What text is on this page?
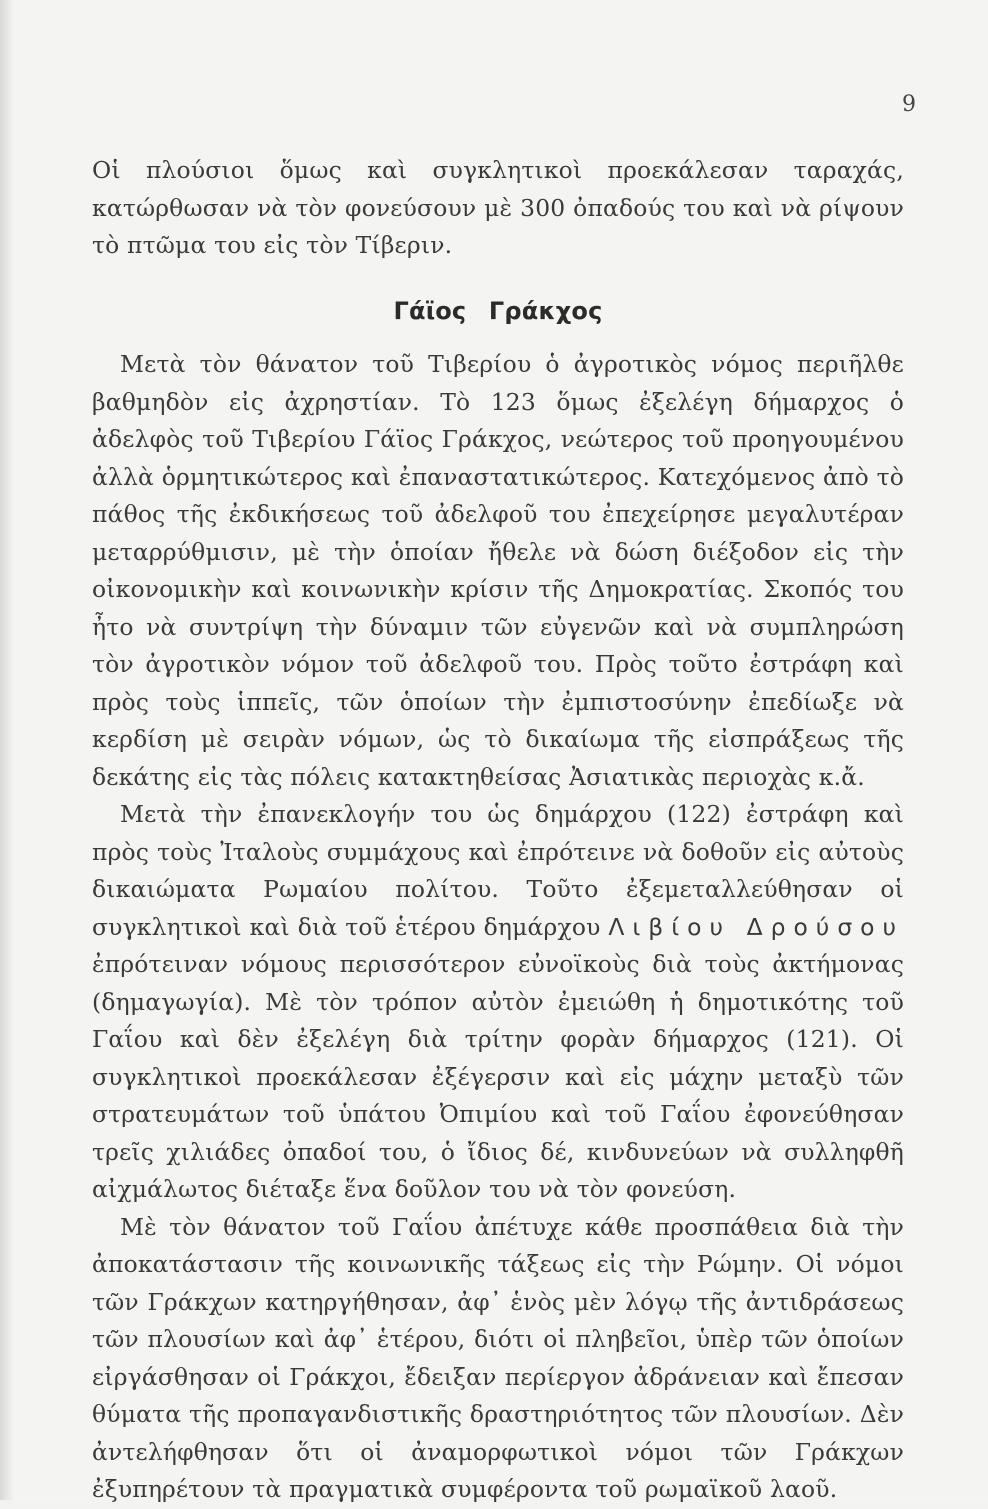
9

Οἱ πλούσιοι ὅμως καὶ συγκλητικοὶ προεκάλεσαν ταραχάς, κατώρθωσαν νὰ τὸν φονεύσουν μὲ 300 ὀπαδούς του καὶ νὰ ρίψουν τὸ πτῶμα του εἰς τὸν Τίβεριν.

Γάϊος Γράκχος

Μετὰ τὸν θάνατον τοῦ Τιβερίου ὁ ἀγροτικὸς νόμος περιῆλθε βαθμηδὸν εἰς ἀχρηστίαν. Τὸ 123 ὅμως ἐξελέγη δήμαρχος ὁ ἀδελφὸς τοῦ Τιβερίου Γάϊος Γράκχος, νεώτερος τοῦ προηγουμένου ἀλλὰ ὁρμητικώτερος καὶ ἐπαναστατικώτερος. Κατεχόμενος ἀπὸ τὸ πάθος τῆς ἐκδικήσεως τοῦ ἀδελφοῦ του ἐπεχείρησε μεγαλυτέραν μεταρρύθμισιν, μὲ τὴν ὁποίαν ἤθελε νὰ δώση διέξοδον εἰς τὴν οἰκονομικὴν καὶ κοινωνικὴν κρίσιν τῆς Δημοκρατίας. Σκοπός του ἦτο νὰ συντρίψη τὴν δύναμιν τῶν εὐγενῶν καὶ νὰ συμπληρώση τὸν ἀγροτικὸν νόμον τοῦ ἀδελφοῦ του. Πρὸς τοῦτο ἐστράφη καὶ πρὸς τοὺς ἱππεῖς, τῶν ὁποίων τὴν ἐμπιστοσύνην ἐπεδίωξε νὰ κερδίση μὲ σειρὰν νόμων, ὡς τὸ δικαίωμα τῆς εἰσπράξεως τῆς δεκάτης εἰς τὰς πόλεις κατακτηθείσας Ἀσιατικὰς περιοχὰς κ.ἄ.

Μετὰ τὴν ἐπανεκλογήν του ὡς δημάρχου (122) ἐστράφη καὶ πρὸς τοὺς Ἰταλοὺς συμμάχους καὶ ἐπρότεινε νὰ δοθοῦν εἰς αὐτοὺς δικαιώματα Ρωμαίου πολίτου. Τοῦτο ἐξεμεταλλεύθησαν οἱ συγκλητικοὶ καὶ διὰ τοῦ ἑτέρου δημάρχου Λιβίου Δρούσου ἐπρότειναν νόμους περισσότερον εὐνοϊκοὺς διὰ τοὺς ἀκτήμονας (δημαγωγία). Μὲ τὸν τρόπον αὐτὸν ἐμειώθη ἡ δημοτικότης τοῦ Γαΐου καὶ δὲν ἐξελέγη διὰ τρίτην φορὰν δήμαρχος (121). Οἱ συγκλητικοὶ προεκάλεσαν ἐξέγερσιν καὶ εἰς μάχην μεταξὺ τῶν στρατευμάτων τοῦ ὑπάτου Ὀπιμίου καὶ τοῦ Γαΐου ἐφονεύθησαν τρεῖς χιλιάδες ὀπαδοί του, ὁ ἴδιος δέ, κινδυνεύων νὰ συλληφθῆ αἰχμάλωτος διέταξε ἕνα δοῦλον του νὰ τὸν φονεύση.

Μὲ τὸν θάνατον τοῦ Γαΐου ἀπέτυχε κάθε προσπάθεια διὰ τὴν ἀποκατάστασιν τῆς κοινωνικῆς τάξεως εἰς τὴν Ρώμην. Οἱ νόμοι τῶν Γράκχων κατηργήθησαν, ἀφ᾽ ἑνὸς μὲν λόγῳ τῆς ἀντιδράσεως τῶν πλουσίων καὶ ἀφ᾽ ἑτέρου, διότι οἱ πληβεῖοι, ὑπὲρ τῶν ὁποίων εἰργάσθησαν οἱ Γράκχοι, ἔδειξαν περίεργον ἀδράνειαν καὶ ἔπεσαν θύματα τῆς προπαγανδιστικῆς δραστηριότητος τῶν πλουσίων. Δὲν ἀντελήφθησαν ὅτι οἱ ἀναμορφωτικοὶ νόμοι τῶν Γράκχων ἐξυπηρέτουν τὰ πραγματικὰ συμφέροντα τοῦ ρωμαϊκοῦ λαοῦ.
